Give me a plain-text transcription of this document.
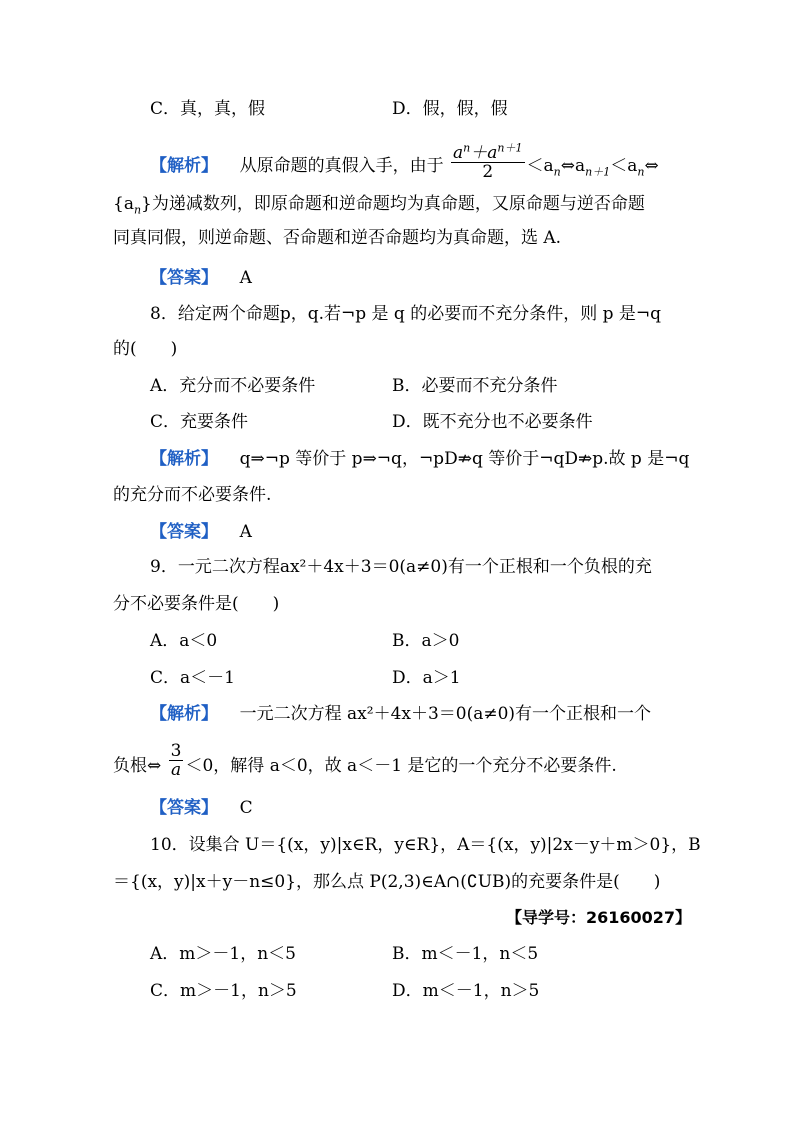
C．真，真，假	D．假，假，假
【解析】 从原命题的真假入手，由于 $\frac{a^n+a^{n+1}}{2}$ $<a_n\Leftrightarrow a_{n+1}<a_n\Leftrightarrow$
$\{a_n\}$为递减数列，即原命题和逆命题均为真命题，又原命题与逆否命题
同真同假，则逆命题、否命题和逆否命题均为真命题，选 A.
【答案】 A
8．给定两个命题p，q.若¬p 是 q 的必要而不充分条件，则 p 是¬q
的(　　)
A．充分而不必要条件	B．必要而不充分条件
C．充要条件	D．既不充分也不必要条件
【解析】 q⇒¬p 等价于 p⇒¬q，¬pD⇏q 等价于¬qD⇏p.故 p 是¬q
的充分而不必要条件.
【答案】 A
9．一元二次方程ax²＋4x＋3＝0(a≠0)有一个正根和一个负根的充
分不必要条件是(　　)
A．a＜0	B．a＞0
C．a＜－1	D．a＞1
【解析】 一元二次方程 ax²＋4x＋3＝0(a≠0)有一个正根和一个
负根⇔ $\frac{3}{a} <0$，解得 a＜0，故 a＜－1 是它的一个充分不必要条件.
【答案】 C
10．设集合 U＝{(x，y)|x∈R，y∈R}，A＝{(x，y)|2x－y＋m＞0}，B
＝{(x，y)|x＋y－n≤0}，那么点 P(2,3)∈A∩(∁UB)的充要条件是(　　)
【导学号：26160027】
A．m＞－1，n＜5	B．m＜－1，n＜5
C．m＞－1，n＞5	D．m＜－1，n＞5
